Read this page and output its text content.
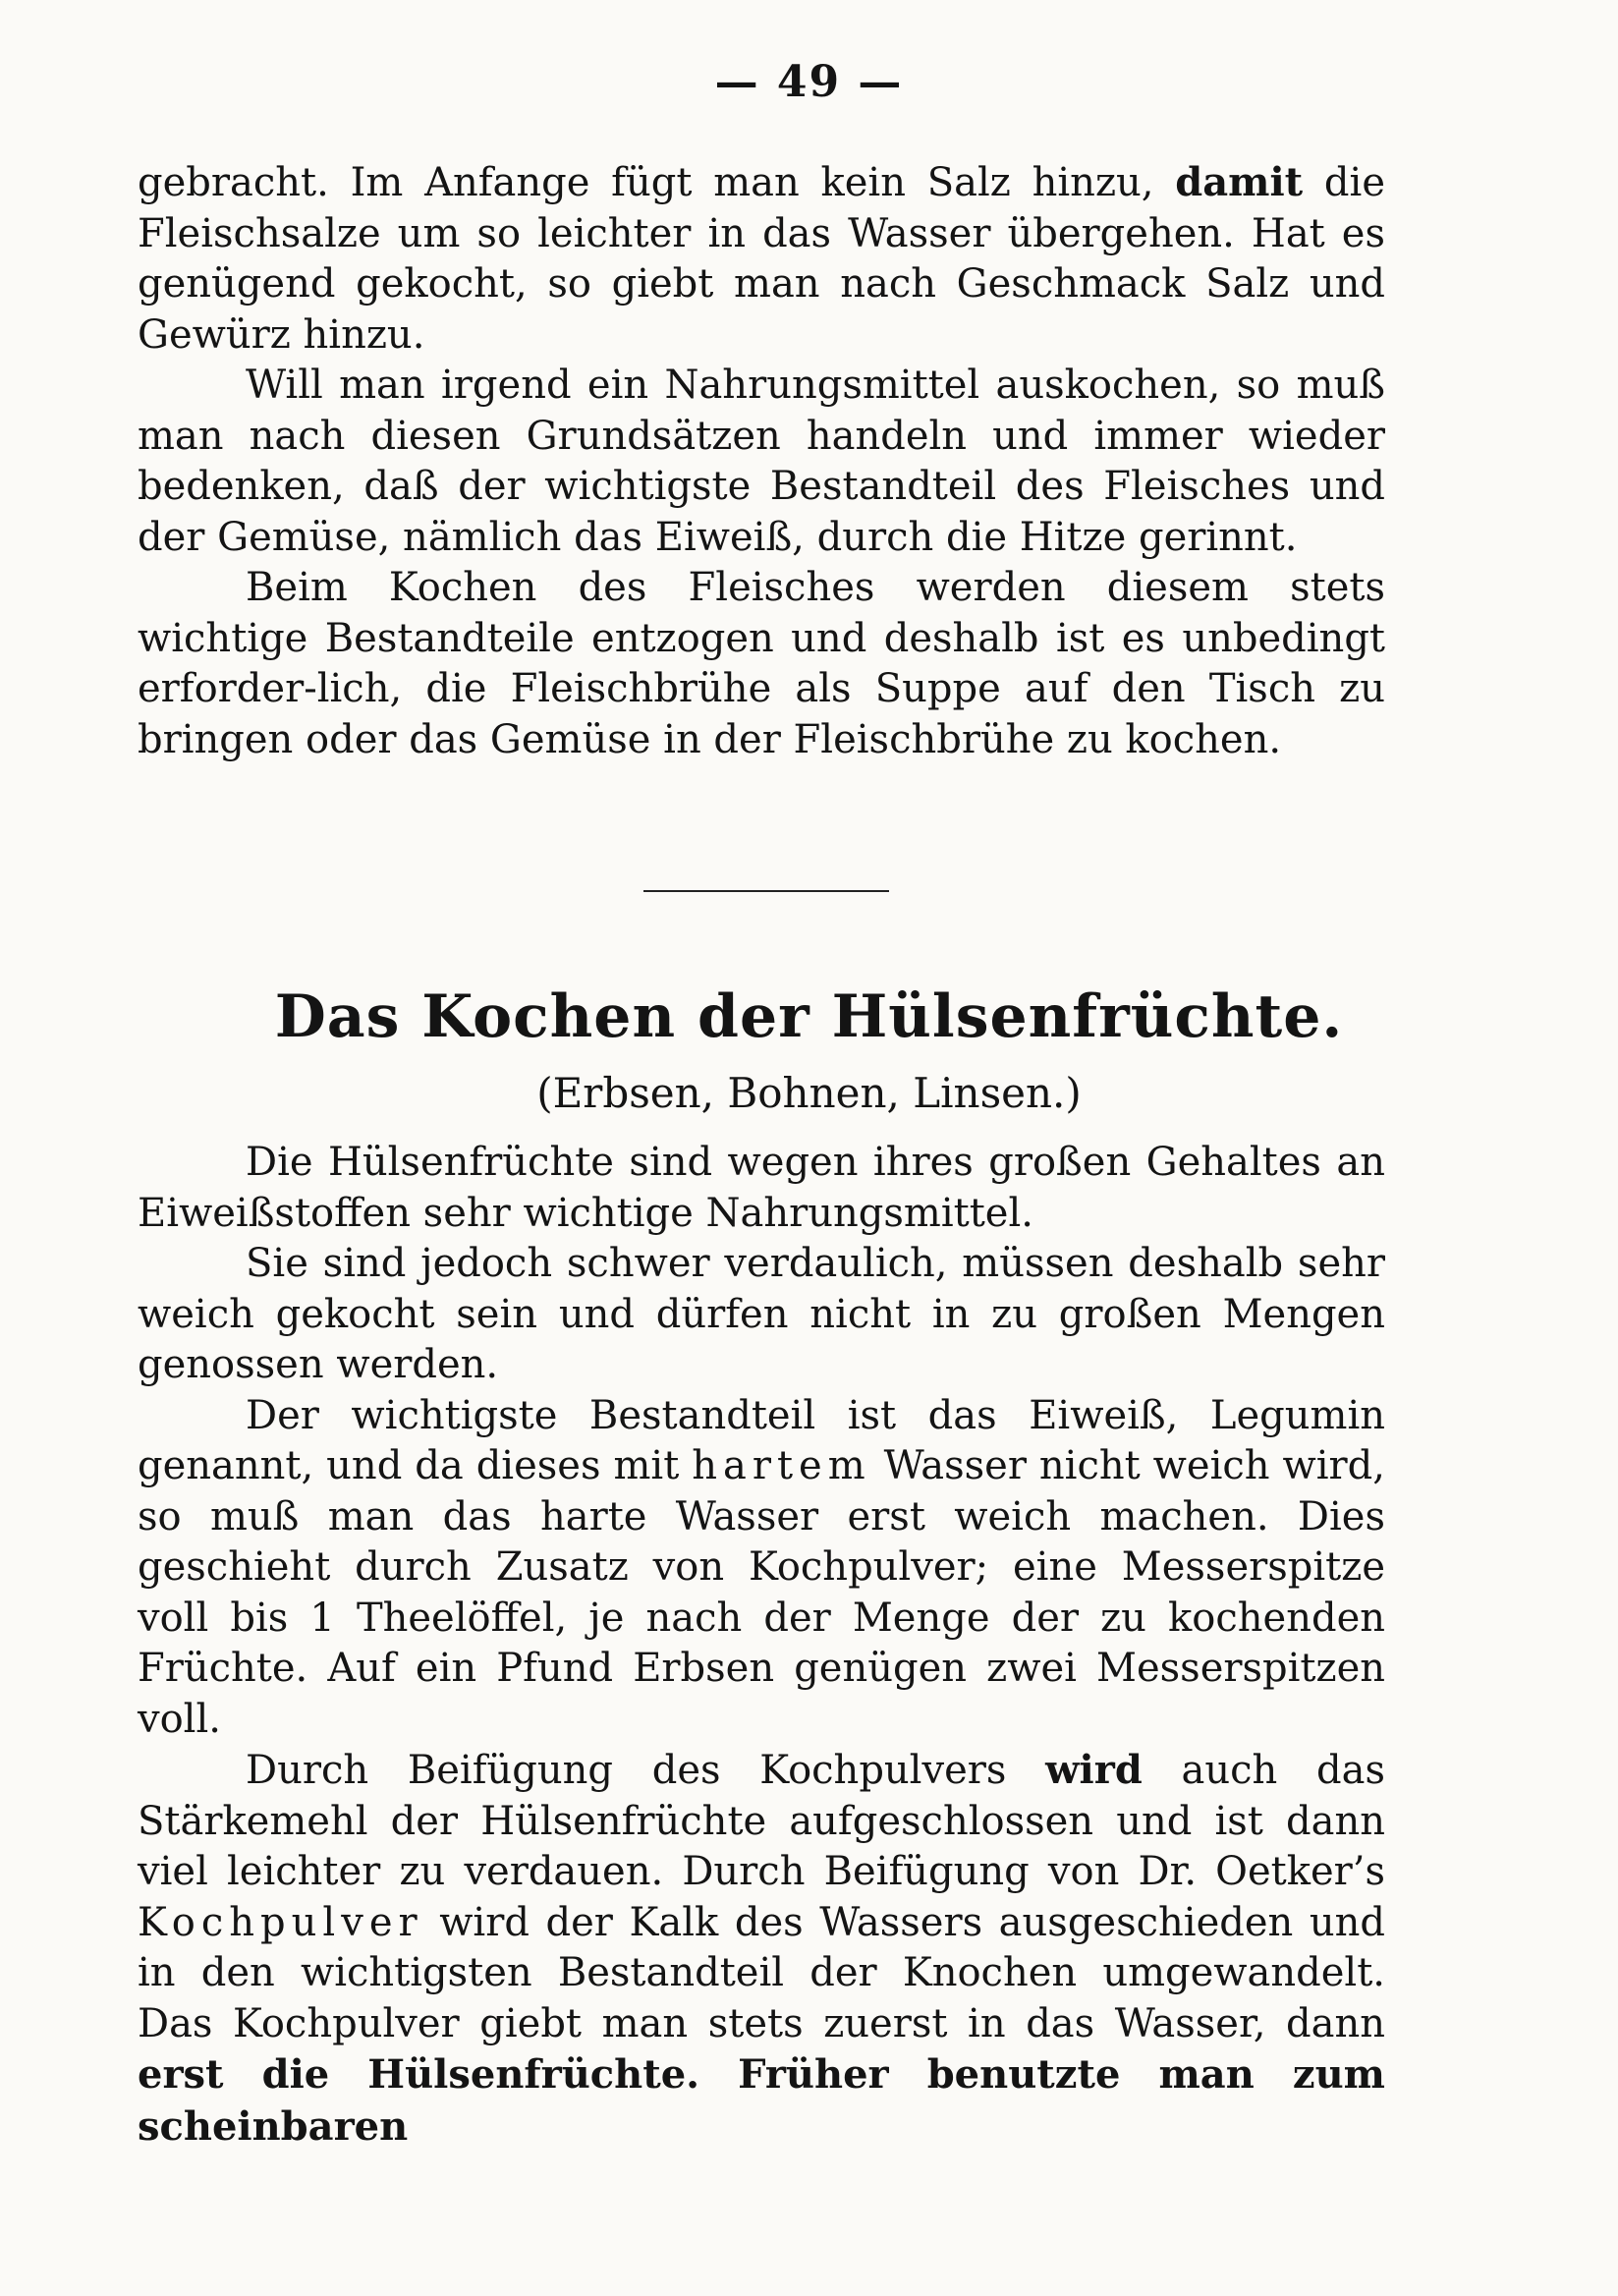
— 49 —

gebracht. Im Anfange fügt man kein Salz hinzu, damit die Fleischsalze um so leichter in das Wasser übergehen. Hat es genügend gekocht, so giebt man nach Geschmack Salz und Gewürz hinzu.

Will man irgend ein Nahrungsmittel auskochen, so muß man nach diesen Grundsätzen handeln und immer wieder bedenken, daß der wichtigste Bestandteil des Fleisches und der Gemüse, nämlich das Eiweiß, durch die Hitze gerinnt.

Beim Kochen des Fleisches werden diesem stets wichtige Bestandteile entzogen und deshalb ist es unbedingt erforder-lich, die Fleischbrühe als Suppe auf den Tisch zu bringen oder das Gemüse in der Fleischbrühe zu kochen.

Das Kochen der Hülsenfrüchte.
(Erbsen, Bohnen, Linsen.)

Die Hülsenfrüchte sind wegen ihres großen Gehaltes an Eiweißstoffen sehr wichtige Nahrungsmittel.

Sie sind jedoch schwer verdaulich, müssen deshalb sehr weich gekocht sein und dürfen nicht in zu großen Mengen genossen werden.

Der wichtigste Bestandteil ist das Eiweiß, Legumin genannt, und da dieses mit hartem Wasser nicht weich wird, so muß man das harte Wasser erst weich machen. Dies geschieht durch Zusatz von Kochpulver; eine Messerspitze voll bis 1 Theelöffel, je nach der Menge der zu kochenden Früchte. Auf ein Pfund Erbsen genügen zwei Messerspitzen voll.

Durch Beifügung des Kochpulvers wird auch das Stärkemehl der Hülsenfrüchte aufgeschlossen und ist dann viel leichter zu verdauen. Durch Beifügung von Dr. Oetker’s Kochpulver wird der Kalk des Wassers ausgeschieden und in den wichtigsten Bestandteil der Knochen umgewandelt. Das Kochpulver giebt man stets zuerst in das Wasser, dann erst die Hülsenfrüchte. Früher benutzte man zum scheinbaren
